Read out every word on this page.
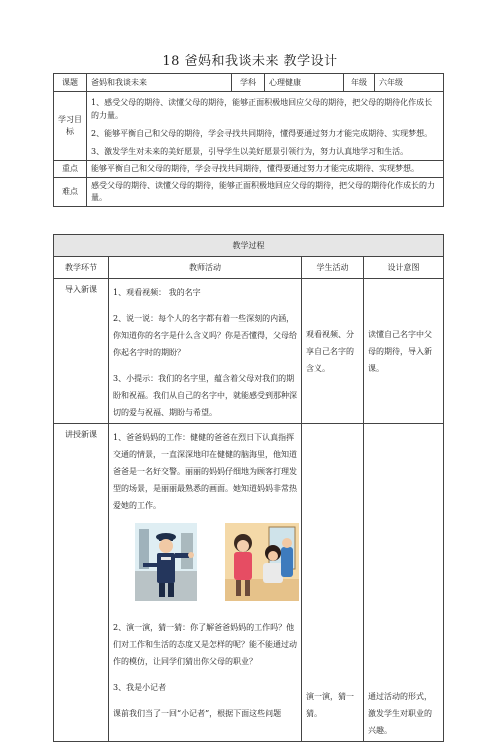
18 爸妈和我谈未来 教学设计
课题	爸妈和我谈未来	学科	心理健康	年级	六年级
学习目标	1、感受父母的期待、读懂父母的期待，能够正面积极地回应父母的期待，把父母的期待化作成长的力量。

2、能够平衡自己和父母的期待，学会寻找共同期待，懂得要通过努力才能完成期待、实现梦想。

3、激发学生对未来的美好愿景，引导学生以美好愿景引领行为，努力认真地学习和生活。				

重点	能够平衡自己和父母的期待，学会寻找共同期待，懂得要通过努力才能完成期待、实现梦想。				
难点	感受父母的期待、读懂父母的期待，能够正面积极地回应父母的期待，把父母的期待化作成长的力量。				
教学过程			
教学环节	教师活动	学生活动	设计意图
导入新课	1、观看视频： 我的名字

2、说一说：每个人的名字都有着一些深刻的内涵，你知道你的名字是什么含义吗？你是否懂得，父母给你起名字时的期盼？

3、小提示：我们的名字里，蕴含着父母对我们的期盼和祝福。我们从自己的名字中，就能感受到那种深切的爱与祝福、期盼与希望。	观看视频、分享自己名字的含义。	读懂自己名字中父母的期待，导入新课。

讲授新课	1、爸爸妈妈的工作：健健的爸爸在烈日下认真指挥交通的情景，一直深深地印在健健的脑海里，他知道爸爸是一名好交警。丽丽的妈妈仔细地为顾客打理发型的场景，是丽丽最熟悉的画面。她知道妈妈非常热爱她的工作。

2、演一演，猜一猜：你了解爸爸妈妈的工作吗？他们对工作和生活的态度又是怎样的呢？能不能通过动作的模仿，让同学们猜出你父母的职业？

3、我是小记者

课前我们当了一回“小记者”，根据下面这些问题	演一演，猜一猜。	通过活动的形式，激发学生对职业的兴趣。
